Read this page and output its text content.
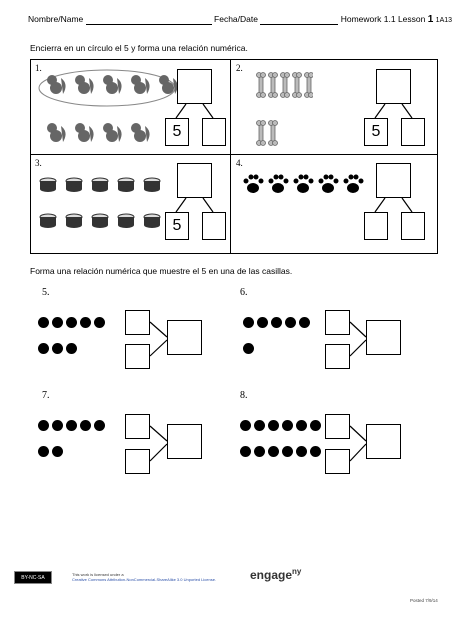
Nombre/Name	Fecha/Date	Homework 1.1 Lesson 1 1A13
Encierra en un círculo el 5 y forma una relación numérica.
1.
5
2.
5
3.
5
4.
Forma una relación numérica que muestre el 5 en una de las casillas.
5.	6.
7.	8.
BY-NC-SA	This work is licensed under a
Creative Commons Attribution-NonCommercial-ShareAlike 3.0 Unported License.	engage$^{ny}$
Posted 7/9/14
